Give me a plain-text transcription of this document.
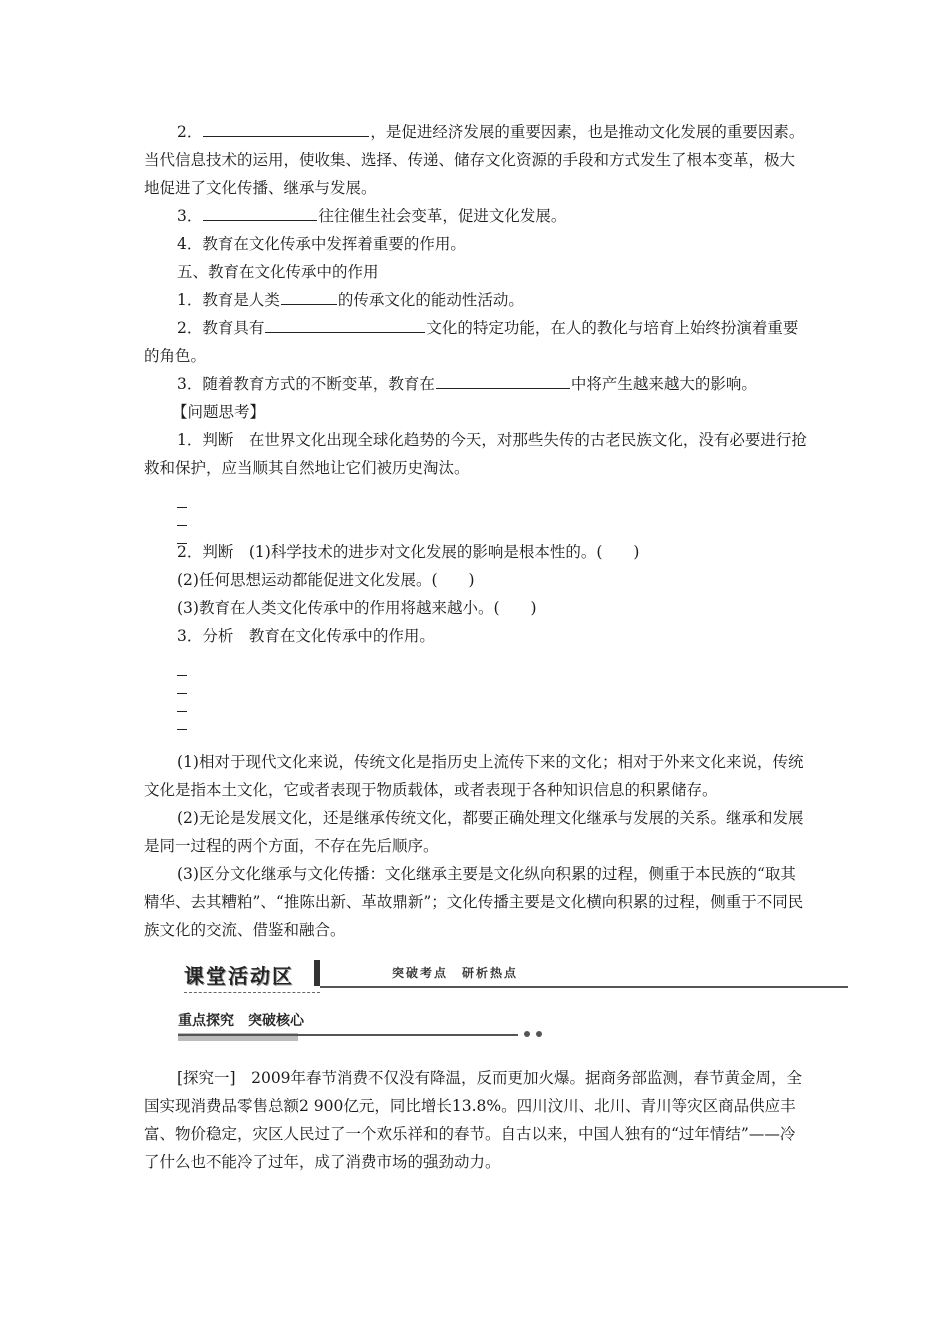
2．	，是促进经济发展的重要因素，也是推动文化发展的重要因素。当代信息技术的运用，使收集、选择、传递、储存文化资源的手段和方式发生了根本变革，极大地促进了文化传播、继承与发展。

3．	往往催生社会变革，促进文化发展。

4．教育在文化传承中发挥着重要的作用。

五、教育在文化传承中的作用

1．教育是人类	的传承文化的能动性活动。

2．教育具有	文化的特定功能，在人的教化与培育上始终扮演着重要的角色。

3．随着教育方式的不断变革，教育在	中将产生越来越大的影响。

【问题思考】

1．判断　在世界文化出现全球化趋势的今天，对那些失传的古老民族文化，没有必要进行抢救和保护，应当顺其自然地让它们被历史淘汰。

2．判断　(1)科学技术的进步对文化发展的影响是根本性的。(　　)

(2)任何思想运动都能促进文化发展。(　　)

(3)教育在人类文化传承中的作用将越来越小。(　　)

3．分析　教育在文化传承中的作用。

(1)相对于现代文化来说，传统文化是指历史上流传下来的文化；相对于外来文化来说，传统文化是指本土文化，它或者表现于物质载体，或者表现于各种知识信息的积累储存。

(2)无论是发展文化，还是继承传统文化，都要正确处理文化继承与发展的关系。继承和发展是同一过程的两个方面，不存在先后顺序。

(3)区分文化继承与文化传播：文化继承主要是文化纵向积累的过程，侧重于本民族的“取其精华、去其糟粕”、“推陈出新、革故鼎新”；文化传播主要是文化横向积累的过程，侧重于不同民族文化的交流、借鉴和融合。

课堂活动区	突破考点　研析热点
重点探究　突破核心

[探究一]　2009年春节消费不仅没有降温，反而更加火爆。据商务部监测，春节黄金周，全国实现消费品零售总额2 900亿元，同比增长13.8%。四川汶川、北川、青川等灾区商品供应丰富、物价稳定，灾区人民过了一个欢乐祥和的春节。自古以来，中国人独有的“过年情结”——冷了什么也不能冷了过年，成了消费市场的强劲动力。
